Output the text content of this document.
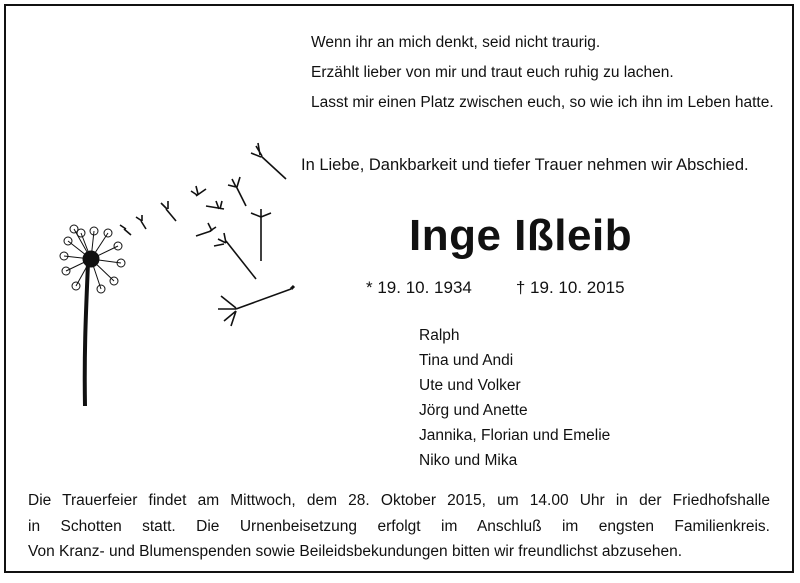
Wenn ihr an mich denkt, seid nicht traurig.
Erzählt lieber von mir und traut euch ruhig zu lachen.
Lasst mir einen Platz zwischen euch, so wie ich ihn im Leben hatte.
In Liebe, Dankbarkeit und tiefer Trauer nehmen wir Abschied.
Inge Ißleib
* 19. 10. 1934	† 19. 10. 2015
Ralph
Tina und Andi
Ute und Volker
Jörg und Anette
Jannika, Florian und Emelie
Niko und Mika
Die Trauerfeier findet am Mittwoch, dem 28. Oktober 2015, um 14.00 Uhr in der Friedhofshalle
in Schotten statt. Die Urnenbeisetzung erfolgt im Anschluß im engsten Familienkreis.
Von Kranz- und Blumenspenden sowie Beileidsbekundungen bitten wir freundlichst abzusehen.
